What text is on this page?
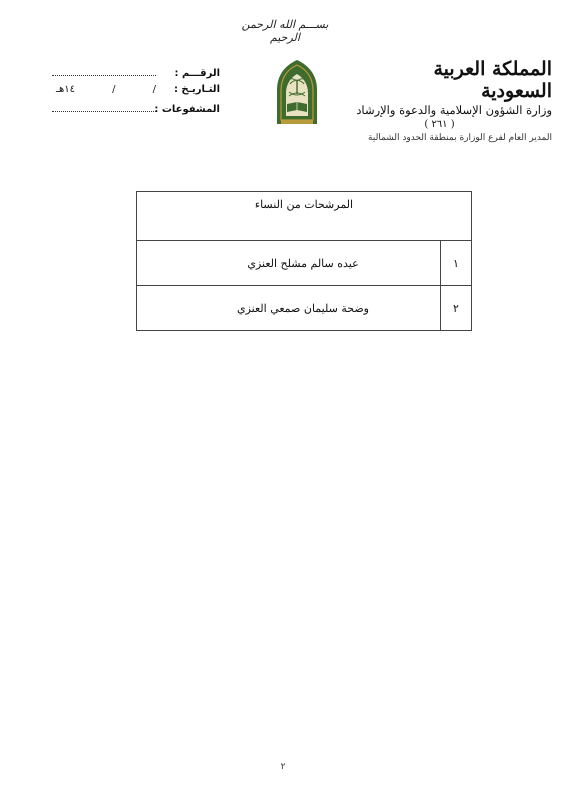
بســـم الله الرحمن الرحيم
المملكة العربية السعودية
وزارة الشؤون الإسلامية والدعوة والإرشاد
( ٢٦١ )
المدير العام لفرع الوزارة بمنطقة الحدود الشمالية
الرقـــم :
التـاريـخ :
/
/
١٤هـ
المشفوعات :
المرشحات من النساء	
١	عيده سالم مشلح العنزي
٢	وضحة سليمان صمعي العنزي
٢
